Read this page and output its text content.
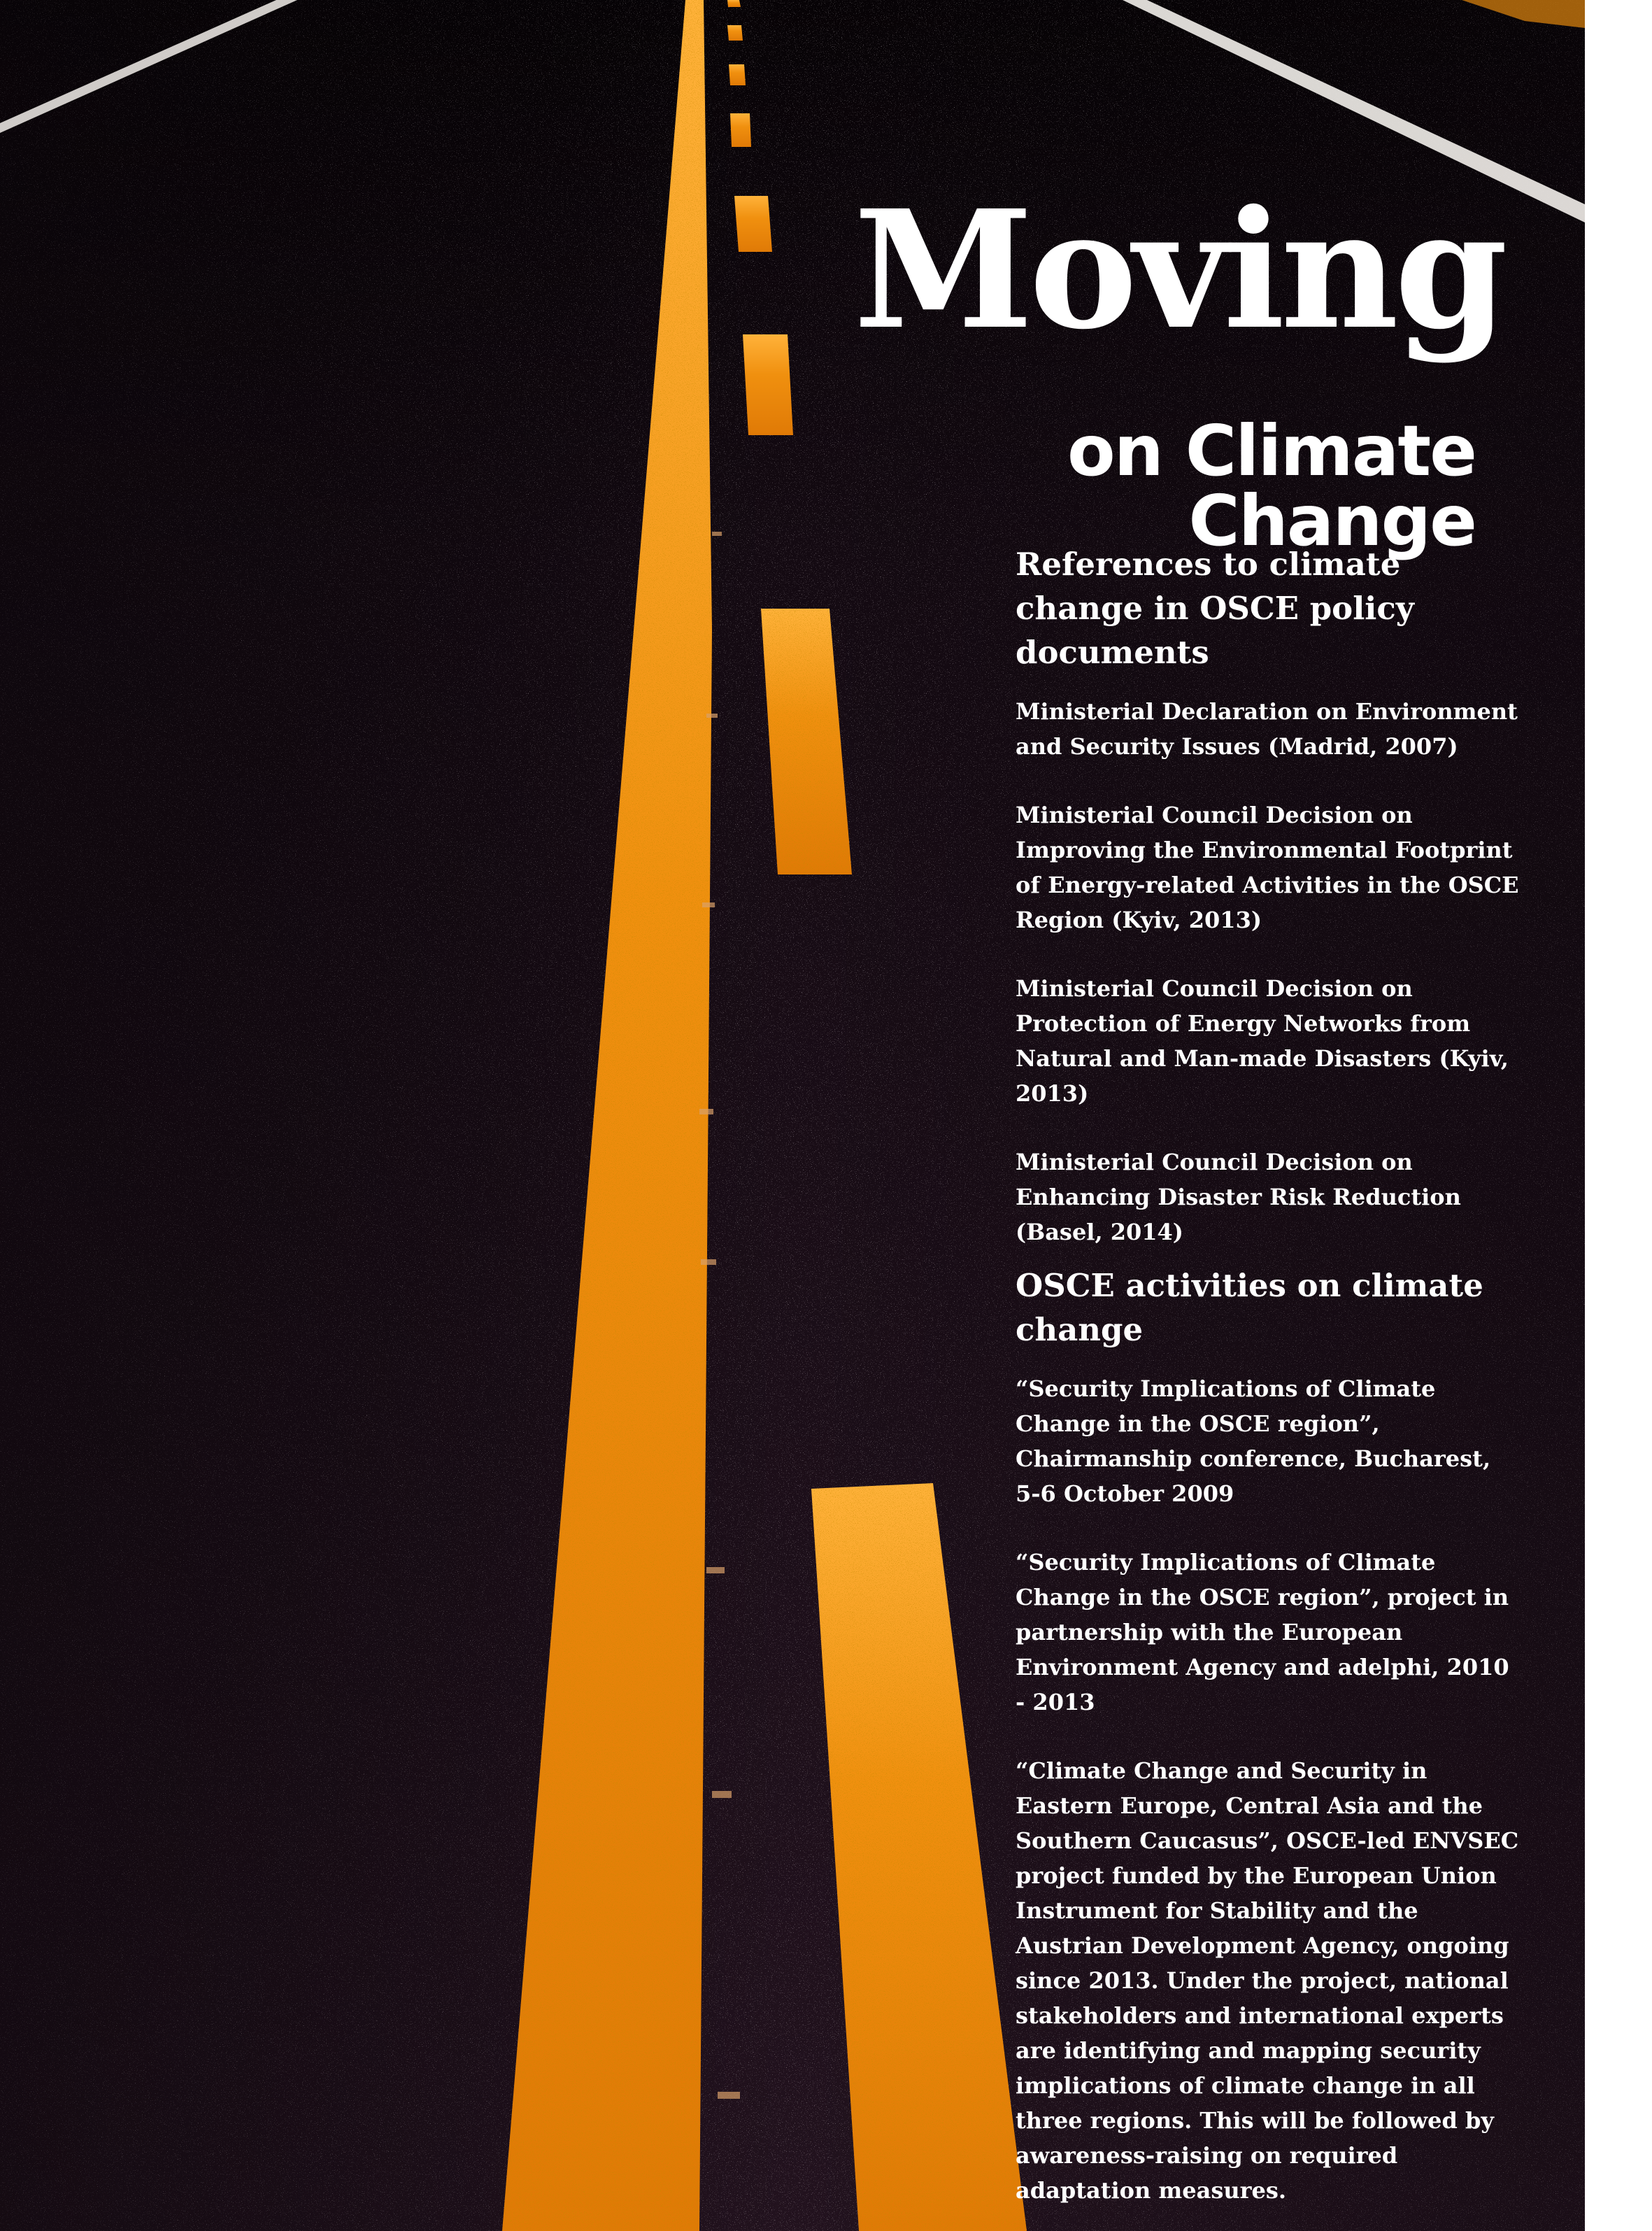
Moving
on Climate Change
References to climate change in OSCE policy documents

Ministerial Declaration on Environment and Security Issues (Madrid, 2007)

Ministerial Council Decision on Improving the Environmental Footprint of Energy-related Activities in the OSCE Region (Kyiv, 2013)

Ministerial Council Decision on Protection of Energy Networks from Natural and Man-made Disasters (Kyiv, 2013)

Ministerial Council Decision on Enhancing Disaster Risk Reduction (Basel, 2014)

OSCE activities on climate change

“Security Implications of Climate Change in the OSCE region”, Chairmanship conference, Bucharest, 5-6 October 2009

“Security Implications of Climate Change in the OSCE region”, project in partnership with the European Environment Agency and adelphi, 2010 - 2013

“Climate Change and Security in Eastern Europe, Central Asia and the Southern Caucasus”, OSCE-led ENVSEC project funded by the European Union Instrument for Stability and the Austrian Development Agency, ongoing since 2013. Under the project, national stakeholders and international experts are identifying and mapping security implications of climate change in all three regions. This will be followed by awareness-raising on required adaptation measures.
